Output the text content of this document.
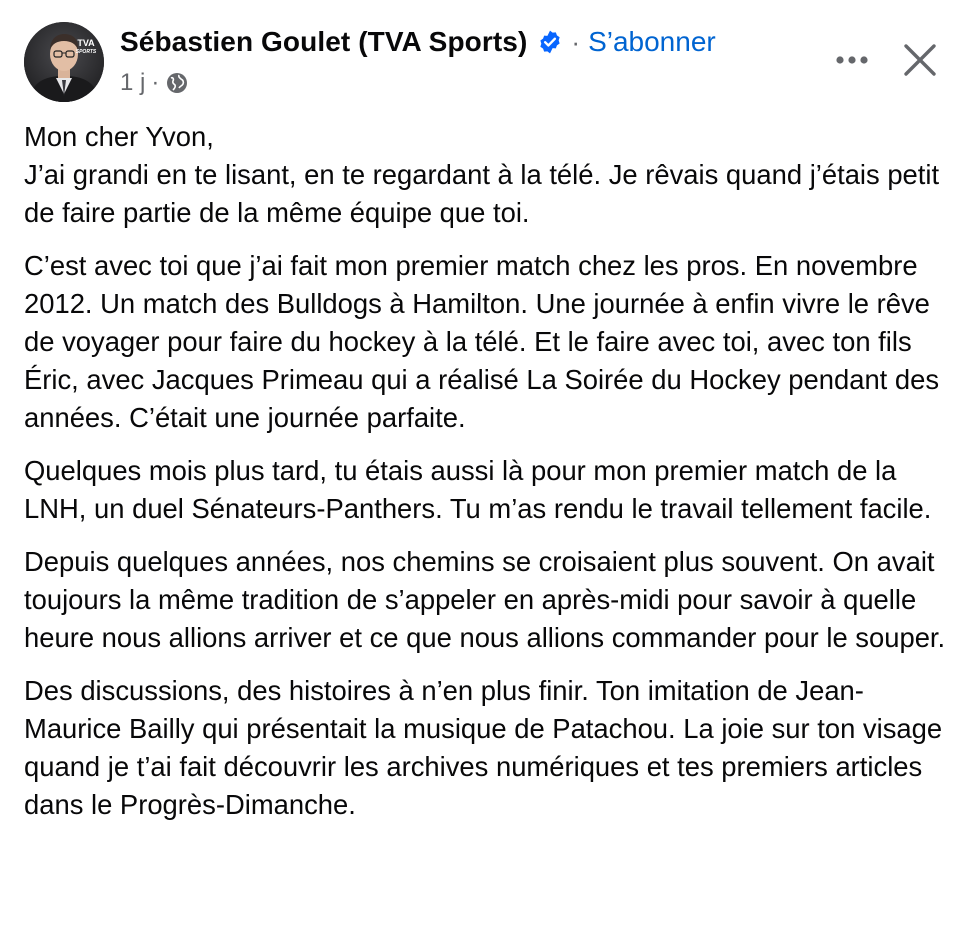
TVA
SPORTS Sébastien Goulet (TVA Sports) · S’abonner
1 j ·

Mon cher Yvon,
J’ai grandi en te lisant, en te regardant à la télé. Je rêvais quand j’étais petit de faire partie de la même équipe que toi.

C’est avec toi que j’ai fait mon premier match chez les pros. En novembre 2012. Un match des Bulldogs à Hamilton. Une journée à enfin vivre le rêve de voyager pour faire du hockey à la télé. Et le faire avec toi, avec ton fils Éric, avec Jacques Primeau qui a réalisé La Soirée du Hockey pendant des années. C’était une journée parfaite.

Quelques mois plus tard, tu étais aussi là pour mon premier match de la LNH, un duel Sénateurs-Panthers. Tu m’as rendu le travail tellement facile.

Depuis quelques années, nos chemins se croisaient plus souvent. On avait toujours la même tradition de s’appeler en après-midi pour savoir à quelle heure nous allions arriver et ce que nous allions commander pour le souper.

Des discussions, des histoires à n’en plus finir. Ton imitation de Jean-Maurice Bailly qui présentait la musique de Patachou. La joie sur ton visage quand je t’ai fait découvrir les archives numériques et tes premiers articles dans le Progrès-Dimanche.
